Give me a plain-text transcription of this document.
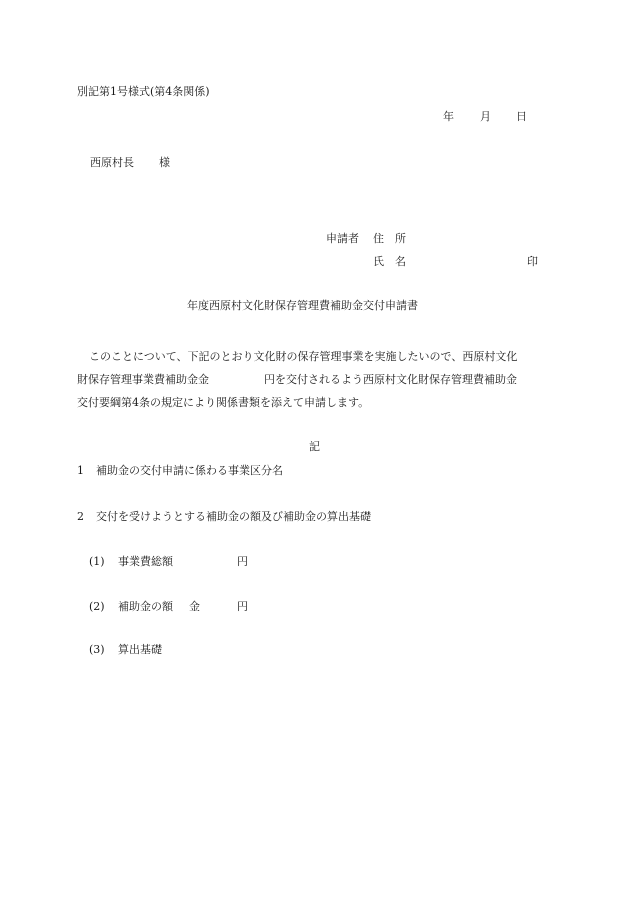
別記第1号様式(第4条関係)
年 月 日
西原村長 様
申請者 住　所
氏　名	印
年度西原村文化財保存管理費補助金交付申請書
このことについて、下記のとおり文化財の保存管理事業を実施したいので、西原村文化
財保存管理事業費補助金金	円を交付されるよう西原村文化財保存管理費補助金
交付要綱第4条の規定により関係書類を添えて申請します。
記
1 補助金の交付申請に係わる事業区分名
2 交付を受けようとする補助金の額及び補助金の算出基礎
(1) 事業費総額	円
(2) 補助金の額 金	円
(3) 算出基礎
